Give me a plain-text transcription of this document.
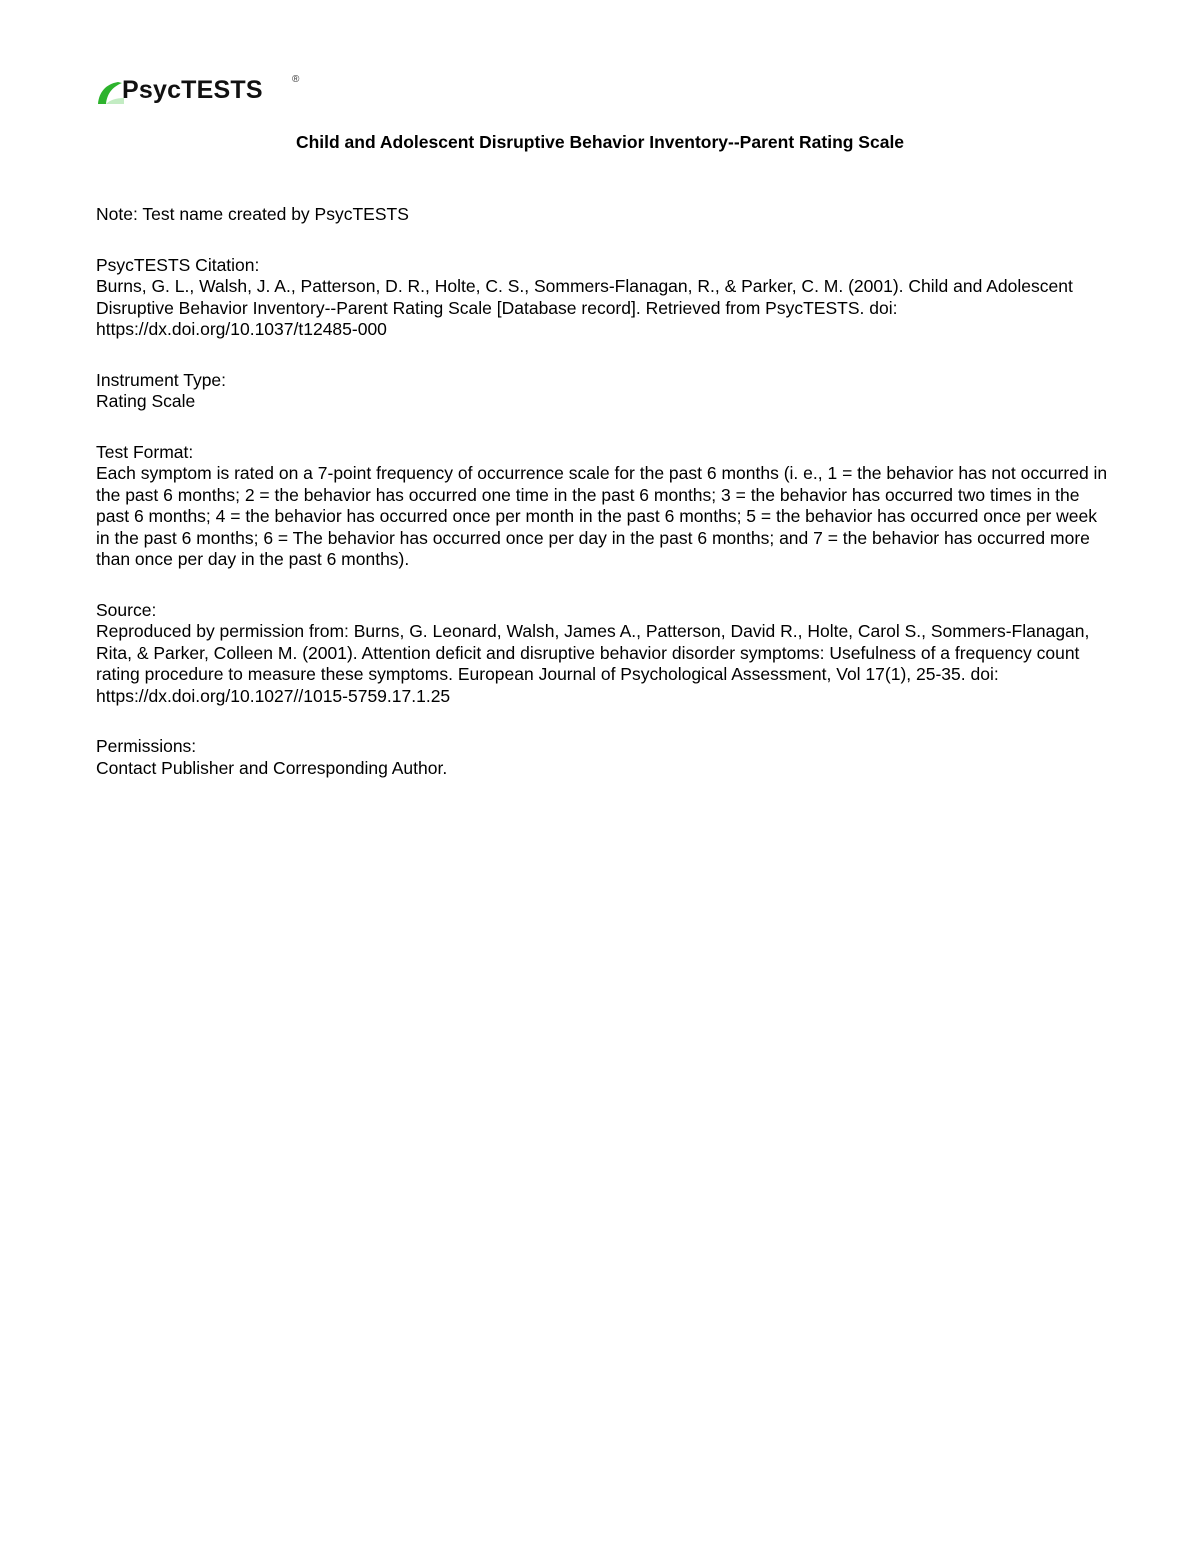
PsycTESTS	®
Child and Adolescent Disruptive Behavior Inventory--Parent Rating Scale

Note: Test name created by PsycTESTS

PsycTESTS Citation:

Burns, G. L., Walsh, J. A., Patterson, D. R., Holte, C. S., Sommers-Flanagan, R., & Parker, C. M. (2001). Child and Adolescent Disruptive Behavior Inventory--Parent Rating Scale [Database record]. Retrieved from PsycTESTS. doi: https://dx.doi.org/10.1037/t12485-000

Instrument Type:

Rating Scale

Test Format:

Each symptom is rated on a 7-point frequency of occurrence scale for the past 6 months (i. e., 1 = the behavior has not occurred in the past 6 months; 2 = the behavior has occurred one time in the past 6 months; 3 = the behavior has occurred two times in the past 6 months; 4 = the behavior has occurred once per month in the past 6 months; 5 = the behavior has occurred once per week in the past 6 months; 6 = The behavior has occurred once per day in the past 6 months; and 7 = the behavior has occurred more than once per day in the past 6 months).

Source:

Reproduced by permission from: Burns, G. Leonard, Walsh, James A., Patterson, David R., Holte, Carol S., Sommers-Flanagan, Rita, & Parker, Colleen M. (2001). Attention deficit and disruptive behavior disorder symptoms: Usefulness of a frequency count rating procedure to measure these symptoms. European Journal of Psychological Assessment, Vol 17(1), 25-35. doi: https://dx.doi.org/10.1027//1015-5759.17.1.25

Permissions:

Contact Publisher and Corresponding Author.
